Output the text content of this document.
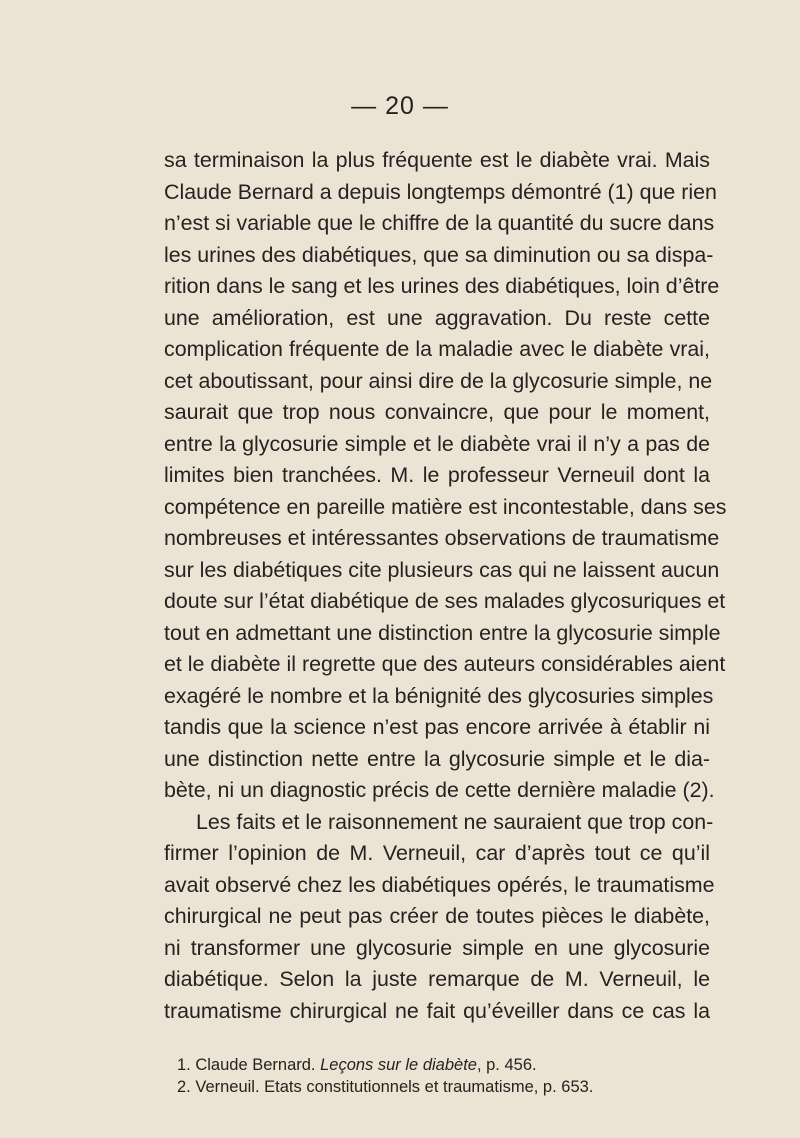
— 20 —
sa terminaison la plus fréquente est le diabète vrai. Mais
Claude Bernard a depuis longtemps démontré (1) que rien
n’est si variable que le chiffre de la quantité du sucre dans
les urines des diabétiques, que sa diminution ou sa dispa-
rition dans le sang et les urines des diabétiques, loin d’être
une amélioration, est une aggravation. Du reste cette
complication fréquente de la maladie avec le diabète vrai,
cet aboutissant, pour ainsi dire de la glycosurie simple, ne
saurait que trop nous convaincre, que pour le moment,
entre la glycosurie simple et le diabète vrai il n’y a pas de
limites bien tranchées. M. le professeur Verneuil dont la
compétence en pareille matière est incontestable, dans ses
nombreuses et intéressantes observations de traumatisme
sur les diabétiques cite plusieurs cas qui ne laissent aucun
doute sur l’état diabétique de ses malades glycosuriques et
tout en admettant une distinction entre la glycosurie simple
et le diabète il regrette que des auteurs considérables aient
exagéré le nombre et la bénignité des glycosuries simples
tandis que la science n’est pas encore arrivée à établir ni
une distinction nette entre la glycosurie simple et le dia-
bète, ni un diagnostic précis de cette dernière maladie (2).
Les faits et le raisonnement ne sauraient que trop con-
firmer l’opinion de M. Verneuil, car d’après tout ce qu’il
avait observé chez les diabétiques opérés, le traumatisme
chirurgical ne peut pas créer de toutes pièces le diabète,
ni transformer une glycosurie simple en une glycosurie
diabétique. Selon la juste remarque de M. Verneuil, le
traumatisme chirurgical ne fait qu’éveiller dans ce cas la
1. Claude Bernard. Leçons sur le diabète, p. 456.
2. Verneuil. Etats constitutionnels et traumatisme, p. 653.
